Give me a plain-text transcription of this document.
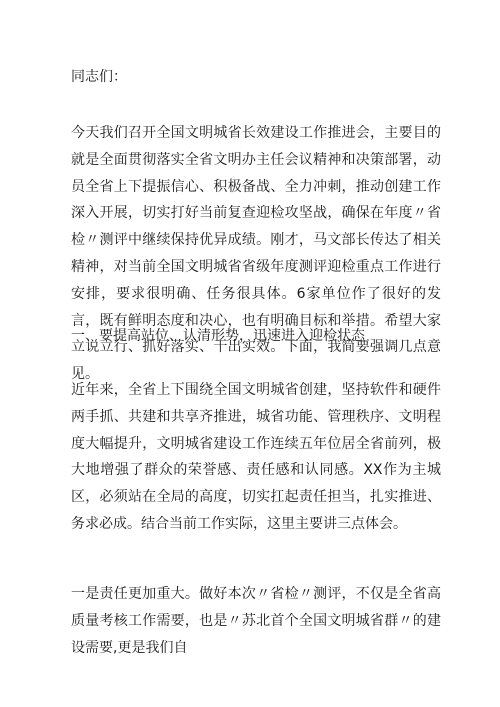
同志们：

今天我们召开全国文明城省长效建设工作推进会，主要目的就是全面贯彻落实全省文明办主任会议精神和决策部署，动员全省上下提振信心、积极备战、全力冲刺，推动创建工作深入开展，切实打好当前复查迎检攻坚战，确保在年度〃省检〃测评中继续保持优异成绩。刚才，马文部长传达了相关精神，对当前全国文明城省省级年度测评迎检重点工作进行安排，要求很明确、任务很具体。6家单位作了很好的发言，既有鲜明态度和决心，也有明确目标和举措。希望大家立说立行、抓好落实、干出实效。下面，我简要强调几点意见。

一、要提高站位、认清形势，迅速进入迎检状态

近年来，全省上下围绕全国文明城省创建，坚持软件和硬件两手抓、共建和共享齐推进，城省功能、管理秩序、文明程度大幅提升，文明城省建设工作连续五年位居全省前列，极大地增强了群众的荣誉感、责任感和认同感。XX作为主城区，必须站在全局的高度，切实扛起责任担当，扎实推进、务求必成。结合当前工作实际，这里主要讲三点体会。

一是责任更加重大。做好本次〃省检〃测评，不仅是全省高质量考核工作需要，也是〃苏北首个全国文明城省群〃的建设需要,更是我们自
